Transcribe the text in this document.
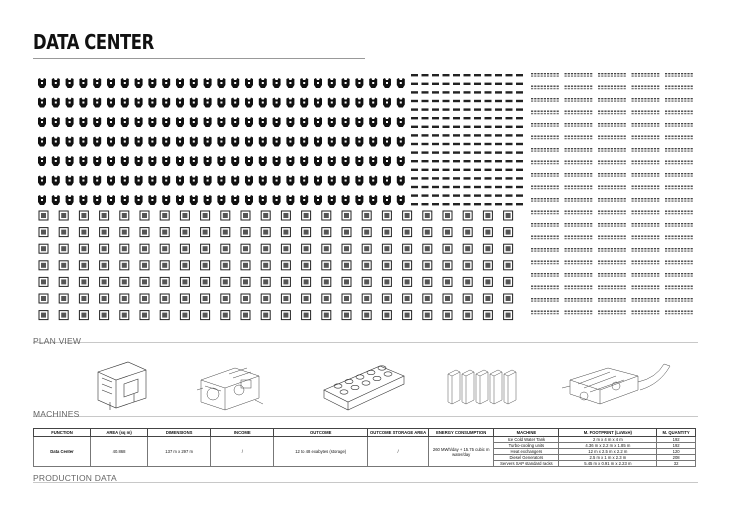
DATA CENTER
PLAN VIEW
MACHINES
FUNCTION	AREA (sq m)	DIMENSIONS	INCOME	OUTCOME	OUTCOME STORAGE AREA	ENERGY CONSUMPTION	MACHINE	M. FOOTPRINT (LxWxH)	M. QUANTITY
Data Center	40.868	137 m x 297 m	/	12 to 48 exabytes (storage)	/	260 MWh/day + 15.75 cubic m water/day	Ice Cold Water Tank	2 m x 4 m x 4 m	192
							Turbo-cooling units	4.36 m x 2.2 m x 1.85 m	192
							Heat exchangers	12 m x 2.5 m x 2.2 m	120
							Diesel Generators	2.5 m x 1 m x 2.3 m	208
							Servers SAP standard racks	5.45 m x 0.91 m x 2.23 m	32
PRODUCTION DATA
